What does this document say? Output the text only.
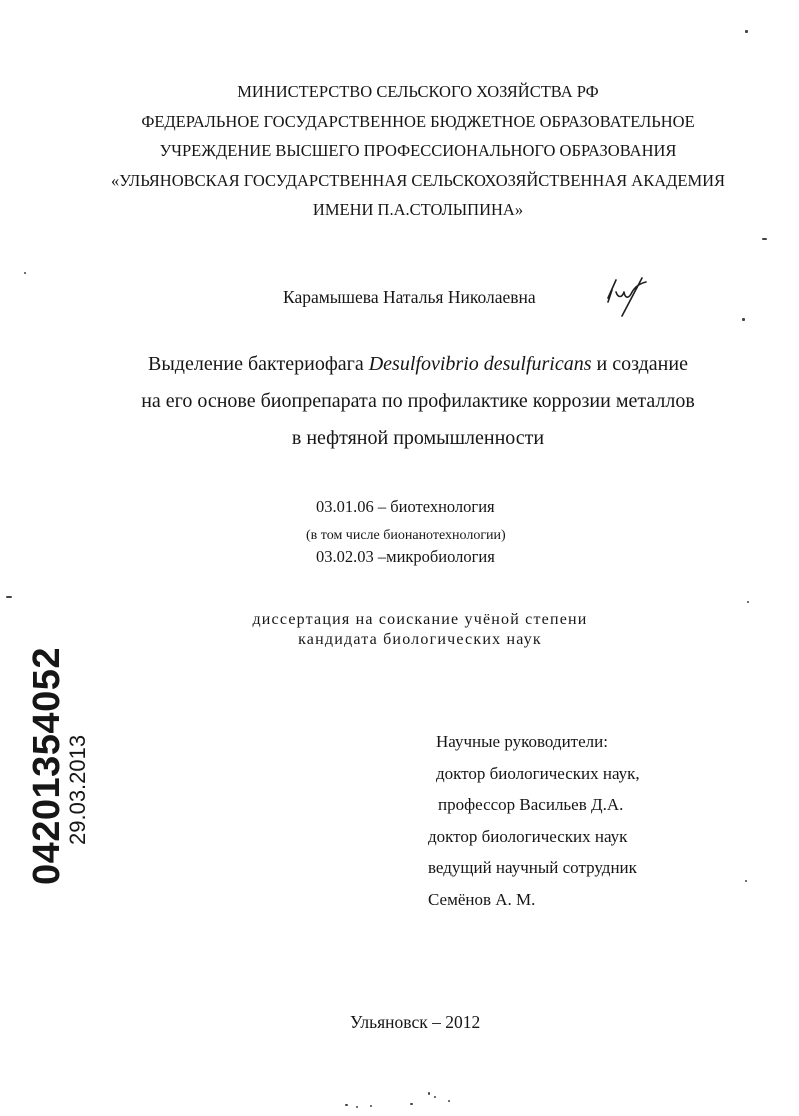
МИНИСТЕРСТВО СЕЛЬСКОГО ХОЗЯЙСТВА РФ
ФЕДЕРАЛЬНОЕ ГОСУДАРСТВЕННОЕ БЮДЖЕТНОЕ ОБРАЗОВАТЕЛЬНОЕ
УЧРЕЖДЕНИЕ ВЫСШЕГО ПРОФЕССИОНАЛЬНОГО ОБРАЗОВАНИЯ
«УЛЬЯНОВСКАЯ ГОСУДАРСТВЕННАЯ СЕЛЬСКОХОЗЯЙСТВЕННАЯ АКАДЕМИЯ
ИМЕНИ П.А.СТОЛЫПИНА»
Карамышева Наталья Николаевна
Выделение бактериофага Desulfovibrio desulfuricans и создание
на его основе биопрепарата по профилактике коррозии металлов
в нефтяной промышленности
03.01.06 – биотехнология
(в том числе бионанотехнологии)
03.02.03 –микробиология
диссертация на соискание учёной степени
кандидата биологических наук
Научные руководители:
доктор биологических наук,
профессор Васильев Д.А.
доктор биологических наук
ведущий научный сотрудник
Семёнов А. М.
Ульяновск – 2012
04201354052
29.03.2013
